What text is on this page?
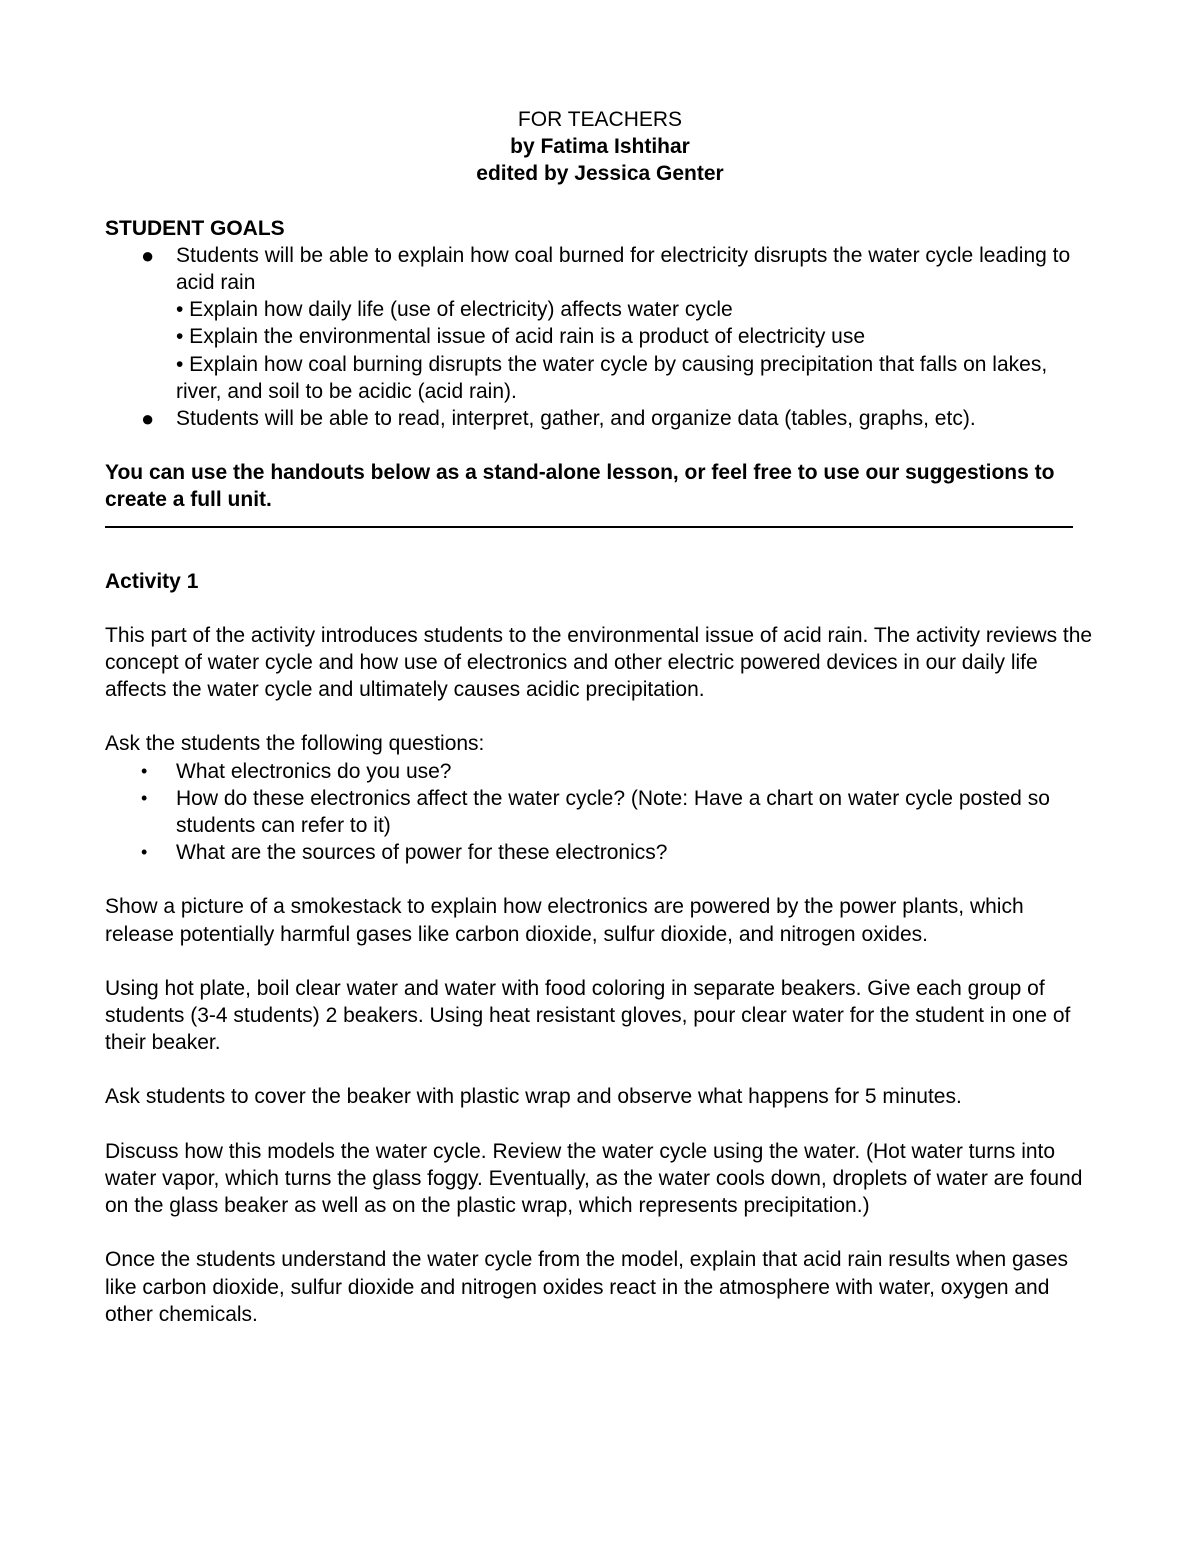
FOR TEACHERS
by Fatima Ishtihar
edited by Jessica Genter
STUDENT GOALS
● Students will be able to explain how coal burned for electricity disrupts the water cycle leading to acid rain
• Explain how daily life (use of electricity) affects water cycle
• Explain the environmental issue of acid rain is a product of electricity use
• Explain how coal burning disrupts the water cycle by causing precipitation that falls on lakes, river, and soil to be acidic (acid rain).
● Students will be able to read, interpret, gather, and organize data (tables, graphs, etc).
You can use the handouts below as a stand-alone lesson, or feel free to use our suggestions to create a full unit.
Activity 1
This part of the activity introduces students to the environmental issue of acid rain. The activity reviews the concept of water cycle and how use of electronics and other electric powered devices in our daily life affects the water cycle and ultimately causes acidic precipitation.
Ask the students the following questions:
• What electronics do you use?
• How do these electronics affect the water cycle? (Note: Have a chart on water cycle posted so students can refer to it)
• What are the sources of power for these electronics?
Show a picture of a smokestack to explain how electronics are powered by the power plants, which release potentially harmful gases like carbon dioxide, sulfur dioxide, and nitrogen oxides.
Using hot plate, boil clear water and water with food coloring in separate beakers. Give each group of students (3-4 students) 2 beakers. Using heat resistant gloves, pour clear water for the student in one of their beaker.
Ask students to cover the beaker with plastic wrap and observe what happens for 5 minutes.
Discuss how this models the water cycle. Review the water cycle using the water. (Hot water turns into water vapor, which turns the glass foggy. Eventually, as the water cools down, droplets of water are found on the glass beaker as well as on the plastic wrap, which represents precipitation.)
Once the students understand the water cycle from the model, explain that acid rain results when gases like carbon dioxide, sulfur dioxide and nitrogen oxides react in the atmosphere with water, oxygen and other chemicals.
